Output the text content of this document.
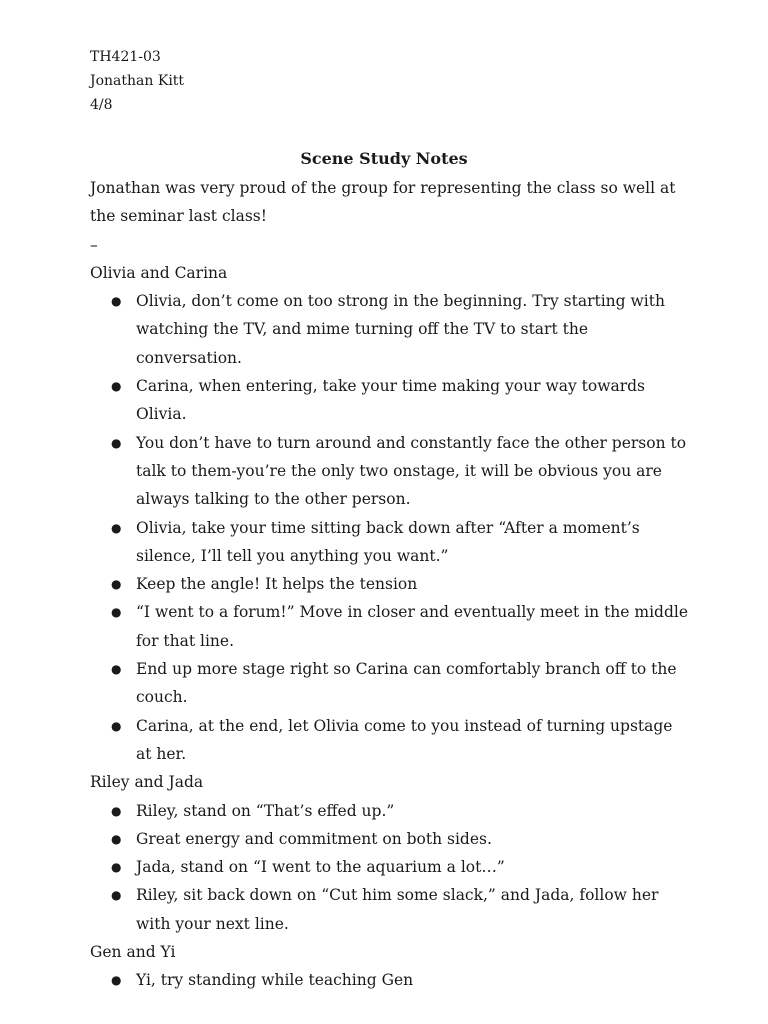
TH421-03
Jonathan Kitt
4/8
Scene Study Notes

Jonathan was very proud of the group for representing the class so well at the seminar last class!

–

Olivia and Carina

● Olivia, don’t come on too strong in the beginning. Try starting with watching the TV, and mime turning off the TV to start the conversation.
● Carina, when entering, take your time making your way towards Olivia.
● You don’t have to turn around and constantly face the other person to talk to them-you’re the only two onstage, it will be obvious you are always talking to the other person.
● Olivia, take your time sitting back down after “After a moment’s silence, I’ll tell you anything you want.”
● Keep the angle! It helps the tension
● “I went to a forum!” Move in closer and eventually meet in the middle for that line.
● End up more stage right so Carina can comfortably branch off to the couch.
● Carina, at the end, let Olivia come to you instead of turning upstage at her.

Riley and Jada

● Riley, stand on “That’s effed up.”
● Great energy and commitment on both sides.
● Jada, stand on “I went to the aquarium a lot…”
● Riley, sit back down on “Cut him some slack,” and Jada, follow her with your next line.

Gen and Yi

● Yi, try standing while teaching Gen
